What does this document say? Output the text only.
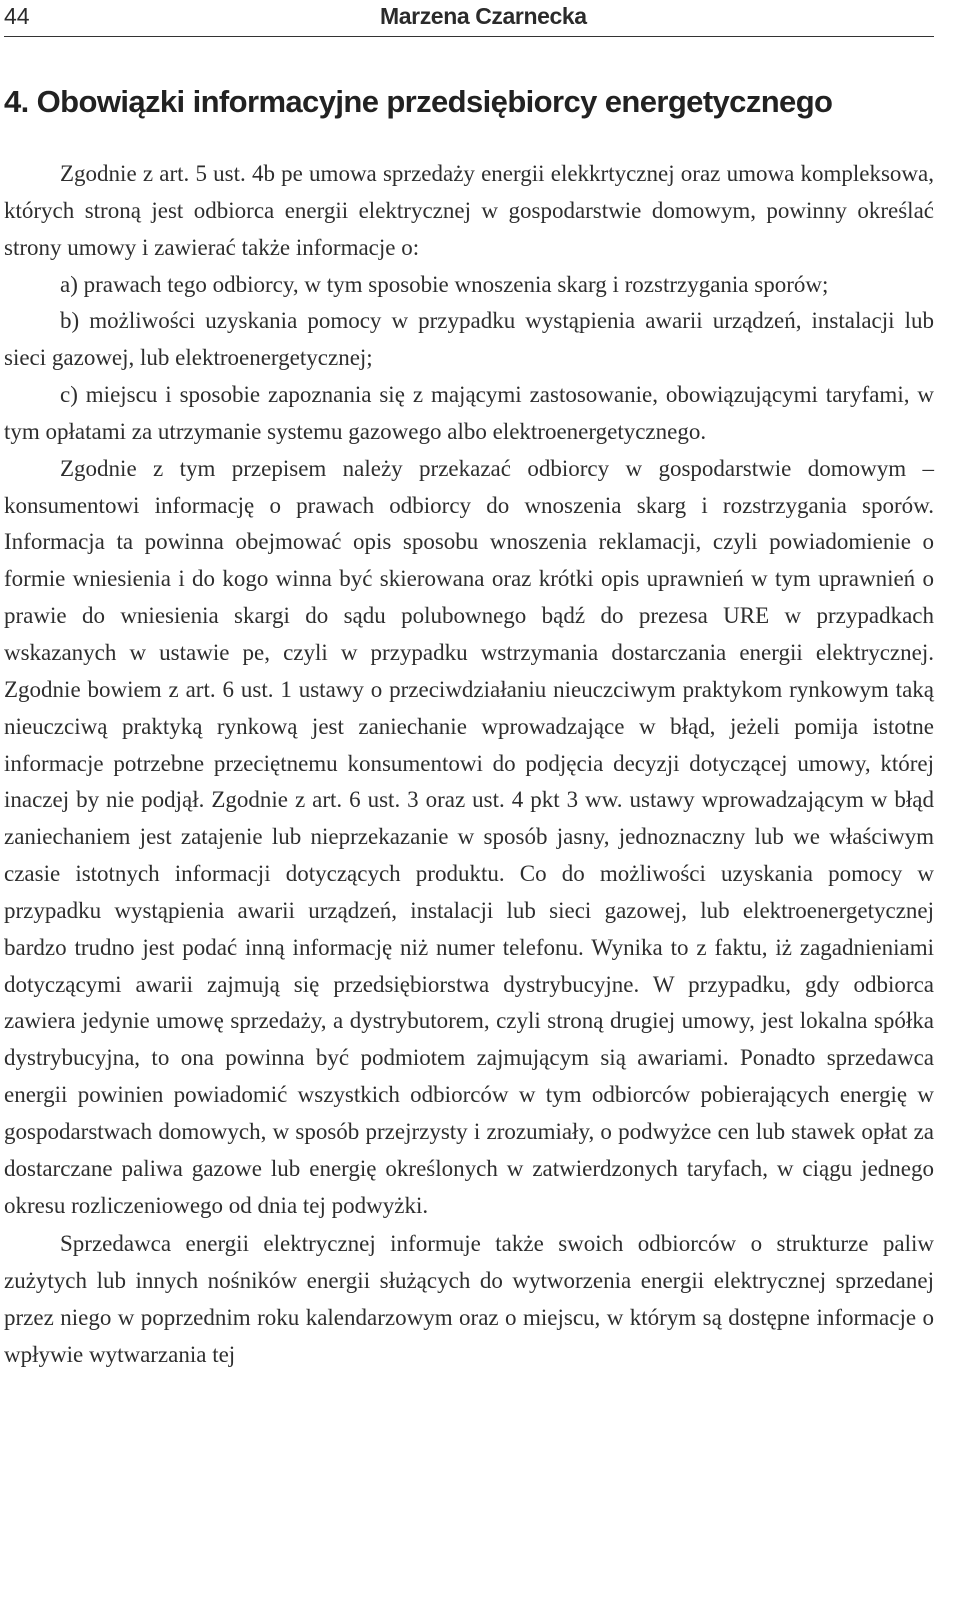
44	Marzena Czarnecka
4. Obowiązki informacyjne przedsiębiorcy energetycznego

Zgodnie z art. 5 ust. 4b pe umowa sprzedaży energii elekkrtycznej oraz umowa kompleksowa, których stroną jest odbiorca energii elektrycznej w gospodarstwie domowym, powinny określać strony umowy i zawierać także informacje o:

a) prawach tego odbiorcy, w tym sposobie wnoszenia skarg i rozstrzygania sporów;

b) możliwości uzyskania pomocy w przypadku wystąpienia awarii urządzeń, instalacji lub sieci gazowej, lub elektroenergetycznej;

c) miejscu i sposobie zapoznania się z mającymi zastosowanie, obowiązującymi taryfami, w tym opłatami za utrzymanie systemu gazowego albo elektroenergetycznego.

Zgodnie z tym przepisem należy przekazać odbiorcy w gospodarstwie domowym – konsumentowi informację o prawach odbiorcy do wnoszenia skarg i rozstrzygania sporów. Informacja ta powinna obejmować opis sposobu wnoszenia reklamacji, czyli powiadomienie o formie wniesienia i do kogo winna być skierowana oraz krótki opis uprawnień w tym uprawnień o prawie do wniesienia skargi do sądu polubownego bądź do prezesa URE w przypadkach wskazanych w ustawie pe, czyli w przypadku wstrzymania dostarczania energii elektrycznej. Zgodnie bowiem z art. 6 ust. 1 ustawy o przeciwdziałaniu nieuczciwym praktykom rynkowym taką nieuczciwą praktyką rynkową jest zaniechanie wprowadzające w błąd, jeżeli pomija istotne informacje potrzebne przeciętnemu konsumentowi do podjęcia decyzji dotyczącej umowy, której inaczej by nie podjął. Zgodnie z art. 6 ust. 3 oraz ust. 4 pkt 3 ww. ustawy wprowadzającym w błąd zaniechaniem jest zatajenie lub nieprzekazanie w sposób jasny, jednoznaczny lub we właściwym czasie istotnych informacji dotyczących produktu. Co do możliwości uzyskania pomocy w przypadku wystąpienia awarii urządzeń, instalacji lub sieci gazowej, lub elektroenergetycznej bardzo trudno jest podać inną informację niż numer telefonu. Wynika to z faktu, iż zagadnieniami dotyczącymi awarii zajmują się przedsiębiorstwa dystrybucyjne. W przypadku, gdy odbiorca zawiera jedynie umowę sprzedaży, a dystrybutorem, czyli stroną drugiej umowy, jest lokalna spółka dystrybucyjna, to ona powinna być podmiotem zajmującym sią awariami. Ponadto sprzedawca energii powinien powiadomić wszystkich odbiorców w tym odbiorców pobierających energię w gospodarstwach domowych, w sposób przejrzysty i zrozumiały, o podwyżce cen lub stawek opłat za dostarczane paliwa gazowe lub energię określonych w zatwierdzonych taryfach, w ciągu jednego okresu rozliczeniowego od dnia tej podwyżki.

Sprzedawca energii elektrycznej informuje także swoich odbiorców o strukturze paliw zużytych lub innych nośników energii służących do wytworzenia energii elektrycznej sprzedanej przez niego w poprzednim roku kalendarzowym oraz o miejscu, w którym są dostępne informacje o wpływie wytwarzania tej
